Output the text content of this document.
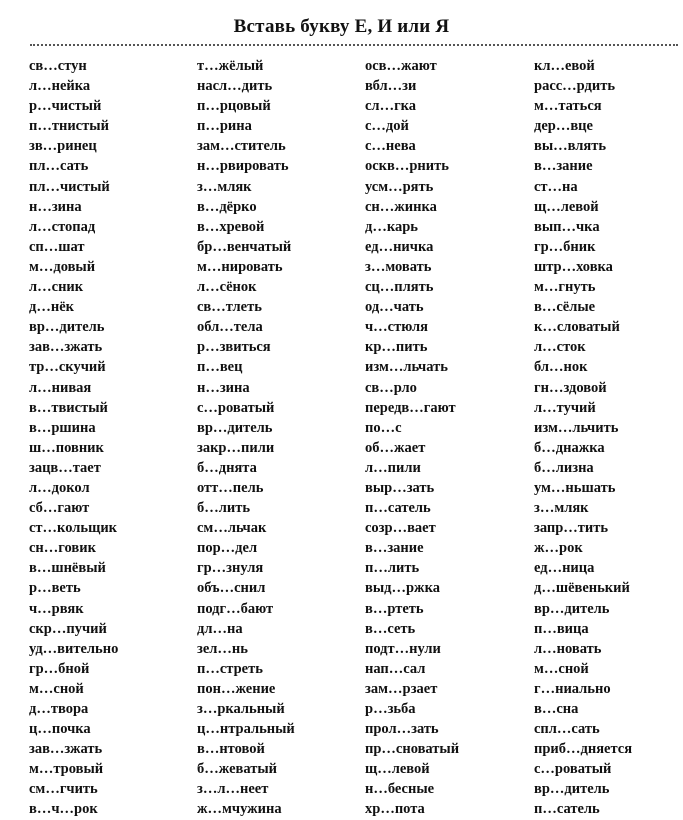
Вставь букву Е, И или Я
св…стун
л…нейка
р…чистый
п…тнистый
зв…ринец
пл…сать
пл…чистый
н…зина
л…стопад
сп…шат
м…довый
л…сник
д…нёк
вр…дитель
зав…зжать
тр…скучий
л…нивая
в…твистый
в…ршина
ш…повник
зацв…тает
л…докол
сб…гают
ст…кольщик
сн…говик
в…шнёвый
р…веть
ч…рвяк
скр…пучий
уд…вительно
гр…бной
м…сной
д…твора
ц…почка
зав…зжать
м…тровый
см…гчить
в…ч…рок
т…жёлый
насл…дить
п…рцовый
п…рина
зам…ститель
н…рвировать
з…мляк
в…дёрко
в…хревой
бр…венчатый
м…нировать
л…сёнок
св…тлеть
обл…тела
р…звиться
п…вец
н…зина
с…роватый
вр…дитель
закр…пили
б…днята
отт…пель
б…лить
см…льчак
пор…дел
гр…знуля
объ…снил
подг…бают
дл…на
зел…нь
п…стреть
пон…жение
з…ркальный
ц…нтральный
в…нтовой
б…жеватый
з…л…неет
ж…мчужина
осв…жают
вбл…зи
сл…гка
с…дой
с…нева
оскв…рнить
усм…рять
сн…жинка
д…карь
ед…ничка
з…мовать
сц…плять
од…чать
ч…стюля
кр…пить
изм…льчать
св…рло
передв…гают
по…с
об…жает
л…пили
выр…зать
п…сатель
созр…вает
в…зание
п…лить
выд…ржка
в…ртеть
в…сеть
подт…нули
нап…сал
зам…рзает
р…зьба
прол…зать
пр…сноватый
щ…левой
н…бесные
хр…пота
кл…евой
расс…рдить
м…таться
дер…вце
вы…влять
в…зание
ст…на
щ…левой
вып…чка
гр…бник
штр…ховка
м…гнуть
в…сёлые
к…словатый
л…сток
бл…нок
гн…здовой
л…тучий
изм…льчить
б…днажка
б…лизна
ум…ньшать
з…мляк
запр…тить
ж…рок
ед…ница
д…шёвенький
вр…дитель
п…вица
л…новать
м…сной
г…ниально
в…сна
спл…сать
приб…дняется
с…роватый
вр…дитель
п…сатель
